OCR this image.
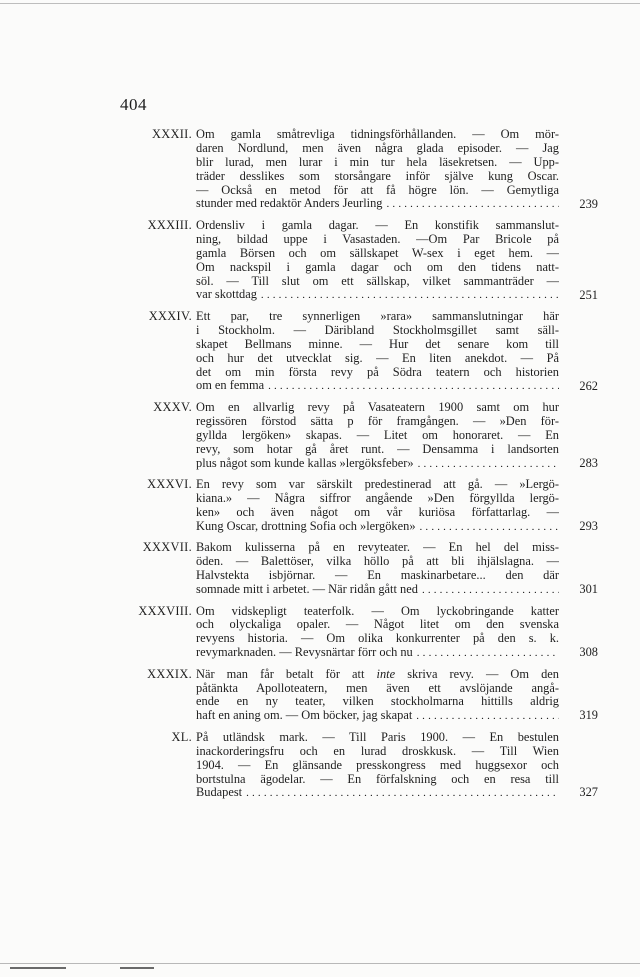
404
XXXII. Om gamla småtrevliga tidningsförhållanden. — Om mör-
daren Nordlund, men även några glada episoder. — Jag
blir lurad, men lurar i min tur hela läsekretsen. — Upp-
träder desslikes som storsångare inför själve kung Oscar.
— Också en metod för att få högre lön. — Gemytliga
stunder med redaktör Anders Jeurling . . .	239
XXXIII. Ordensliv i gamla dagar. — En konstifik sammanslut-
ning, bildad uppe i Vasastaden. —Om Par Bricole på
gamla Börsen och om sällskapet W-sex i eget hem. —
Om nackspil i gamla dagar och om den tidens natt-
söl. — Till slut om ett sällskap, vilket sammanträder —
var skottdag . . .	251
XXXIV. Ett par, tre synnerligen »rara» sammanslutningar här
i Stockholm. — Däribland Stockholmsgillet samt säll-
skapet Bellmans minne. — Hur det senare kom till
och hur det utvecklat sig. — En liten anekdot. — På
det om min första revy på Södra teatern och historien
om en femma . . .	262
XXXV. Om en allvarlig revy på Vasateatern 1900 samt om hur
regissören förstod sätta p för framgången. — »Den för-
gyllda lergöken» skapas. — Litet om honoraret. — En
revy, som hotar gå året runt. — Densamma i landsorten
plus något som kunde kallas »lergöksfeber» . . .	283
XXXVI. En revy som var särskilt predestinerad att gå. — »Lergö-
kiana.» — Några siffror angående »Den förgyllda lergö-
ken» och även något om vår kuriösa författarlag. —
Kung Oscar, drottning Sofia och »lergöken» . . .	293
XXXVII. Bakom kulisserna på en revyteater. — En hel del miss-
öden. — Balettöser, vilka höllo på att bli ihjälslagna. —
Halvstekta isbjörnar. — En maskinarbetare... den där
somnade mitt i arbetet. — När ridån gått ned . . .	301
XXXVIII. Om vidskepligt teaterfolk. — Om lyckobringande katter
och olyckaliga opaler. — Något litet om den svenska
revyens historia. — Om olika konkurrenter på den s. k.
revymarknaden. — Revysnärtar förr och nu . . .	308
XXXIX. När man får betalt för att inte skriva revy. — Om den
påtänkta Apolloteatern, men även ett avslöjande angå-
ende en ny teater, vilken stockholmarna hittills aldrig
haft en aning om. — Om böcker, jag skapat . . .	319
XL. På utländsk mark. — Till Paris 1900. — En bestulen
inackorderingsfru och en lurad droskkusk. — Till Wien
1904. — En glänsande presskongress med huggsexor och
bortstulna ägodelar. — En förfalskning och en resa till
Budapest . . .	327
